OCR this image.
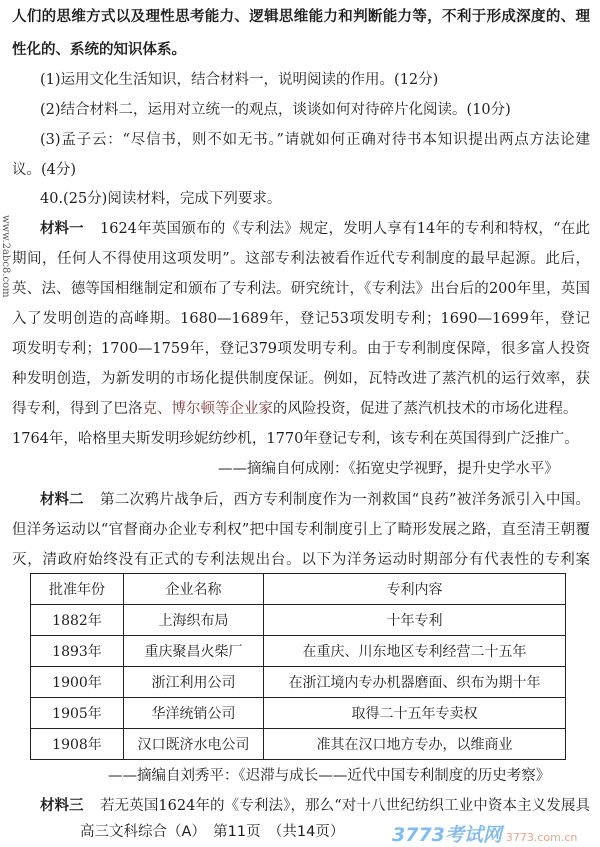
人们的思维方式以及理性思考能力、逻辑思维能力和判断能力等，不利于形成深度的、理
性化的、系统的知识体系。
(1)运用文化生活知识，结合材料一，说明阅读的作用。(12分)
(2)结合材料二，运用对立统一的观点，谈谈如何对待碎片化阅读。(10分)
(3)孟子云：“尽信书，则不如无书。”请就如何正确对待书本知识提出两点方法论建
议。(4分)
40.(25分)阅读材料，完成下列要求。
材料一 1624年英国颁布的《专利法》规定，发明人享有14年的专利和特权，“在此
期间，任何人不得使用这项发明”。这部专利法被看作近代专利制度的最早起源。此后，
英、法、德等国相继制定和颁布了专利法。研究统计，《专利法》出台后的200年里，英国
入了发明创造的高峰期。1680—1689年，登记53项发明专利；1690—1699年，登记
项发明专利；1700—1759年，登记379项发明专利。由于专利制度保障，很多富人投资
种发明创造，为新发明的市场化提供制度保证。例如，瓦特改进了蒸汽机的运行效率，获
得专利，得到了巴洛克、博尔顿等企业家的风险投资，促进了蒸汽机技术的市场化进程。
1764年，哈格里夫斯发明珍妮纺纱机，1770年登记专利，该专利在英国得到广泛推广。
——摘编自何成刚：《拓宽史学视野，提升史学水平》
材料二 第二次鸦片战争后，西方专利制度作为一剂救国“良药”被洋务派引入中国。
但洋务运动以“官督商办企业专利权”把中国专利制度引上了畸形发展之路，直至清王朝覆
灭，清政府始终没有正式的专利法规出台。以下为洋务运动时期部分有代表性的专利案
批准年份	企业名称	专利内容
1882年	上海织布局	十年专利
1893年	重庆聚昌火柴厂	在重庆、川东地区专利经营二十五年
1900年	浙江利用公司	在浙江境内专办机器磨面、织布为期十年
1905年	华洋统销公司	取得二十五年专卖权
1908年	汉口既济水电公司	准其在汉口地方专办，以维商业
——摘编自刘秀平：《迟滞与成长——近代中国专利制度的历史考察》
材料三 若无英国1624年的《专利法》，那么“对十八世纪纺织工业中资本主义发展具
高三文科综合（A）　第11页　（共14页）
www.2abc8.com
3773考试网 3773.com.cn
